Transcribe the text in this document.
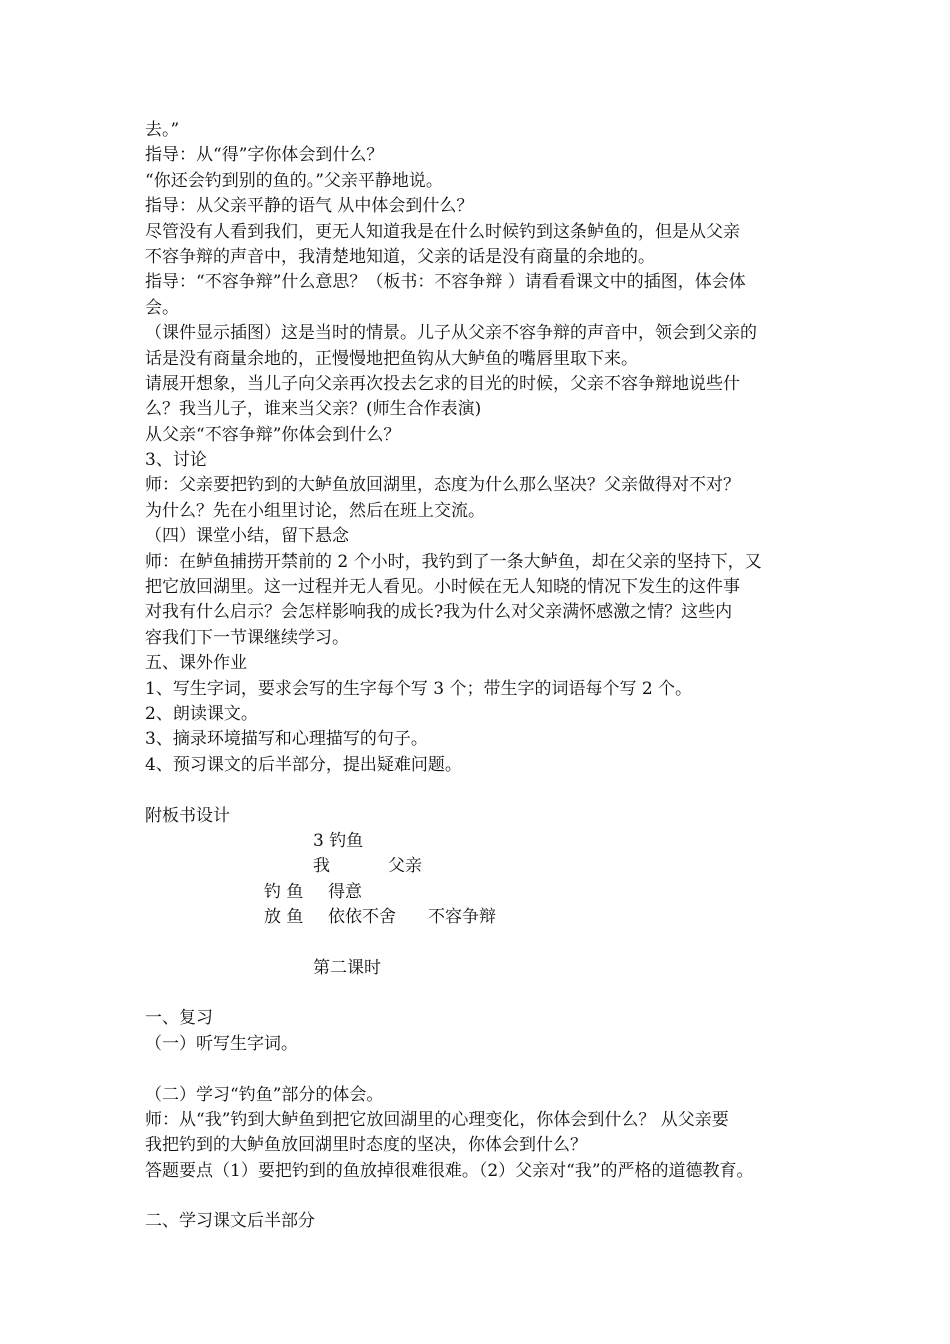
去。”
指导：从“得”字你体会到什么？
“你还会钓到别的鱼的。”父亲平静地说。
指导：从父亲平静的语气 从中体会到什么？
尽管没有人看到我们，更无人知道我是在什么时候钓到这条鲈鱼的，但是从父亲
不容争辩的声音中，我清楚地知道，父亲的话是没有商量的余地的。
指导：“不容争辩”什么意思？（板书：不容争辩 ）请看看课文中的插图，体会体
会。
（课件显示插图）这是当时的情景。儿子从父亲不容争辩的声音中，领会到父亲的
话是没有商量余地的，正慢慢地把鱼钩从大鲈鱼的嘴唇里取下来。
请展开想象，当儿子向父亲再次投去乞求的目光的时候，父亲不容争辩地说些什
么？我当儿子，谁来当父亲？(师生合作表演)
从父亲“不容争辩”你体会到什么？
3、讨论
师：父亲要把钓到的大鲈鱼放回湖里，态度为什么那么坚决？父亲做得对不对？
为什么？先在小组里讨论，然后在班上交流。
（四）课堂小结，留下悬念
师：在鲈鱼捕捞开禁前的 2 个小时，我钓到了一条大鲈鱼，却在父亲的坚持下，又
把它放回湖里。这一过程并无人看见。小时候在无人知晓的情况下发生的这件事
对我有什么启示？会怎样影响我的成长?我为什么对父亲满怀感激之情？这些内
容我们下一节课继续学习。
五、课外作业
1、写生字词，要求会写的生字每个写 3 个；带生字的词语每个写 2 个。
2、朗读课文。
3、摘录环境描写和心理描写的句子。
4、预习课文的后半部分，提出疑难问题。
附板书设计
3 钓鱼
我	父亲
钓 鱼 得意
放 鱼 依依不舍 不容争辩
第二课时
一、复习
（一）听写生字词。
（二）学习“钓鱼”部分的体会。
师：从“我”钓到大鲈鱼到把它放回湖里的心理变化，你体会到什么？ 从父亲要
我把钓到的大鲈鱼放回湖里时态度的坚决，你体会到什么？
答题要点（1）要把钓到的鱼放掉很难很难。（2）父亲对“我”的严格的道德教育。
二、学习课文后半部分
